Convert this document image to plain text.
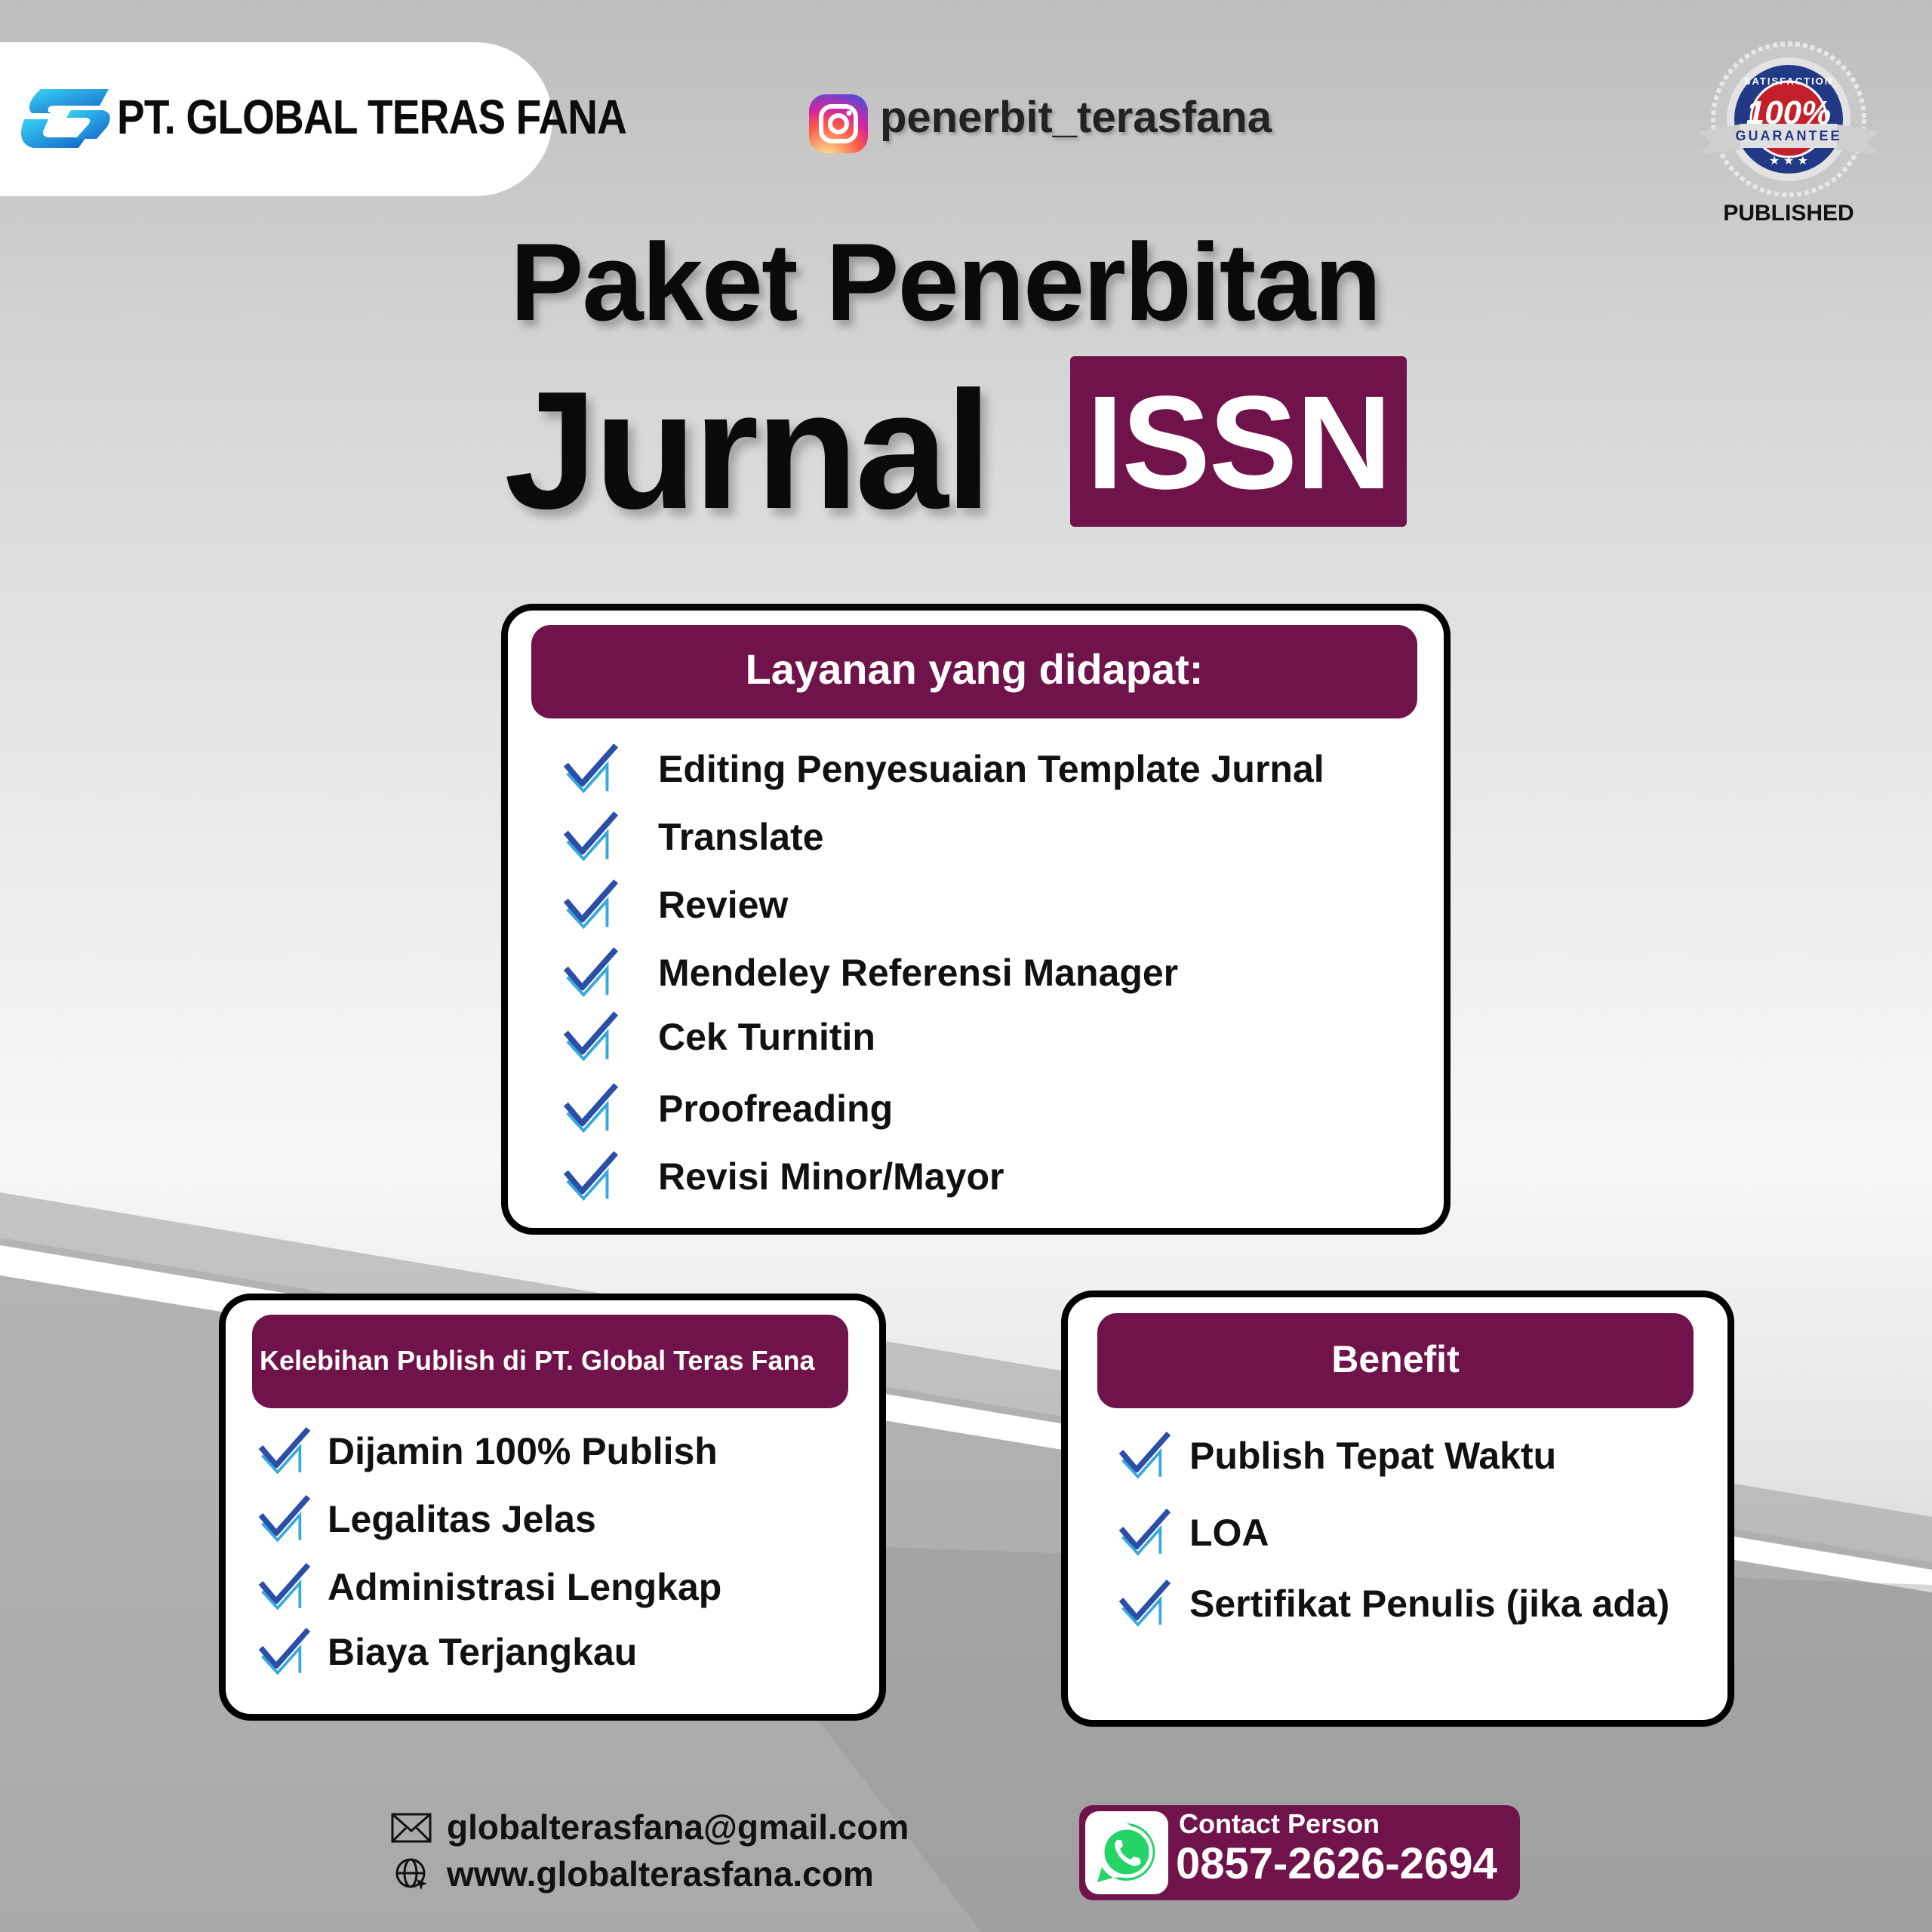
PT. GLOBAL TERAS FANA	penerbit_terasfana	100%
SATISFACTION
GUARANTEE
★ ★ ★
PUBLISHED
Paket Penerbitan
Jurnal ISSN
Layanan yang didapat:
Editing Penyesuaian Template Jurnal
Translate
Review
Mendeley Referensi Manager
Cek Turnitin
Proofreading
Revisi Minor/Mayor
Kelebihan Publish di PT. Global Teras Fana
Dijamin 100% Publish
Legalitas Jelas
Administrasi Lengkap
Biaya Terjangkau
Benefit
Publish Tepat Waktu
LOA
Sertifikat Penulis (jika ada)
globalterasfana@gmail.com
www.globalterasfana.com
Contact Person
0857-2626-2694
